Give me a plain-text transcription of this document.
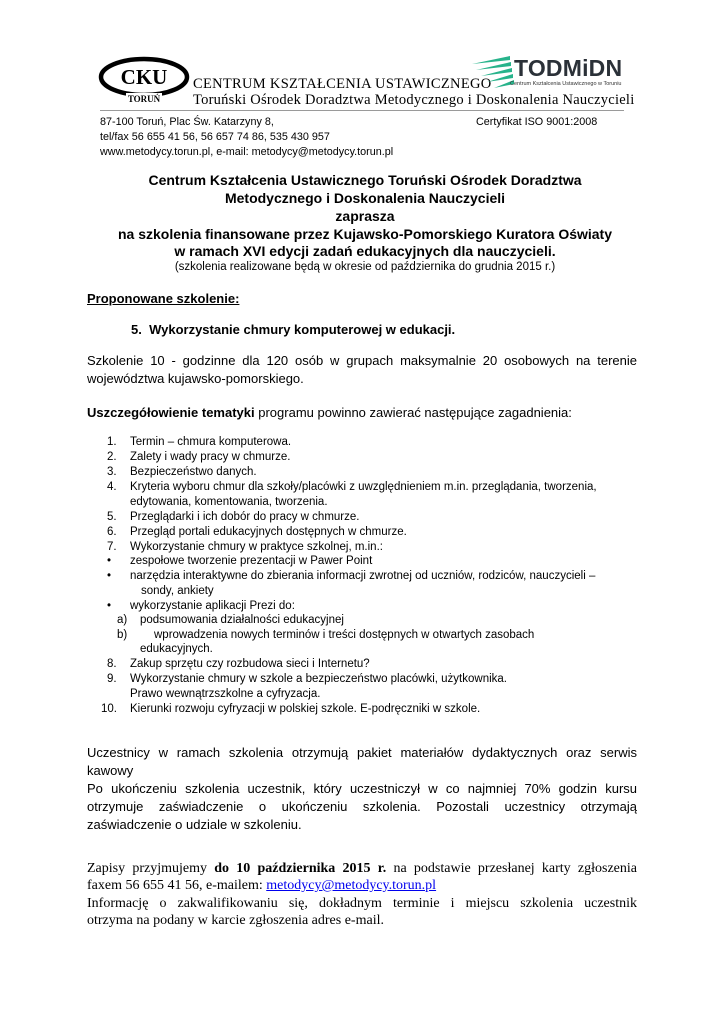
CKU
TORUŃ
CENTRUM KSZTAŁCENIA USTAWICZNEGO
Toruński Ośrodek Doradztwa Metodycznego i Doskonalenia Nauczycieli
TODMiDN
Centrum Kształcenia Ustawicznego w Toruniu
87-100 Toruń, Plac Św. Katarzyny 8,	Certyfikat ISO 9001:2008
tel/fax 56 655 41 56, 56 657 74 86, 535 430 957
www.metodycy.torun.pl, e-mail: metodycy@metodycy.torun.pl
Centrum Kształcenia Ustawicznego Toruński Ośrodek Doradztwa
Metodycznego i Doskonalenia Nauczycieli
zaprasza
na szkolenia finansowane przez Kujawsko-Pomorskiego Kuratora Oświaty
w ramach XVI edycji zadań edukacyjnych dla nauczycieli.
(szkolenia realizowane będą w okresie od października do grudnia 2015 r.)
Proponowane szkolenie:
5. Wykorzystanie chmury komputerowej w edukacji.
Szkolenie 10 - godzinne dla 120 osób w grupach maksymalnie 20 osobowych na terenie
województwa kujawsko-pomorskiego.
Uszczegółowienie tematyki programu powinno zawierać następujące zagadnienia:
1. Termin – chmura komputerowa.
2. Zalety i wady pracy w chmurze.
3. Bezpieczeństwo danych.
4. Kryteria wyboru chmur dla szkoły/placówki z uwzględnieniem m.in. przeglądania, tworzenia,
edytowania, komentowania, tworzenia.
5. Przeglądarki i ich dobór do pracy w chmurze.
6. Przegląd portali edukacyjnych dostępnych w chmurze.
7. Wykorzystanie chmury w praktyce szkolnej, m.in.:
• zespołowe tworzenie prezentacji w Pawer Point
• narzędzia interaktywne do zbierania informacji zwrotnej od uczniów, rodziców, nauczycieli –
sondy, ankiety
• wykorzystanie aplikacji Prezi do:
a) podsumowania działalności edukacyjnej
b) wprowadzenia nowych terminów i treści dostępnych w otwartych zasobach
edukacyjnych.
8. Zakup sprzętu czy rozbudowa sieci i Internetu?
9. Wykorzystanie chmury w szkole a bezpieczeństwo placówki, użytkownika.
Prawo wewnątrzszkolne a cyfryzacja.
10. Kierunki rozwoju cyfryzacji w polskiej szkole. E-podręczniki w szkole.
Uczestnicy w ramach szkolenia otrzymują pakiet materiałów dydaktycznych oraz serwis
kawowy
Po ukończeniu szkolenia uczestnik, który uczestniczył w co najmniej 70% godzin kursu
otrzymuje zaświadczenie o ukończeniu szkolenia. Pozostali uczestnicy otrzymają
zaświadczenie o udziale w szkoleniu.
Zapisy przyjmujemy do 10 października 2015 r. na podstawie przesłanej karty zgłoszenia
faxem 56 655 41 56, e-mailem: metodycy@metodycy.torun.pl
Informację o zakwalifikowaniu się, dokładnym terminie i miejscu szkolenia uczestnik
otrzyma na podany w karcie zgłoszenia adres e-mail.
